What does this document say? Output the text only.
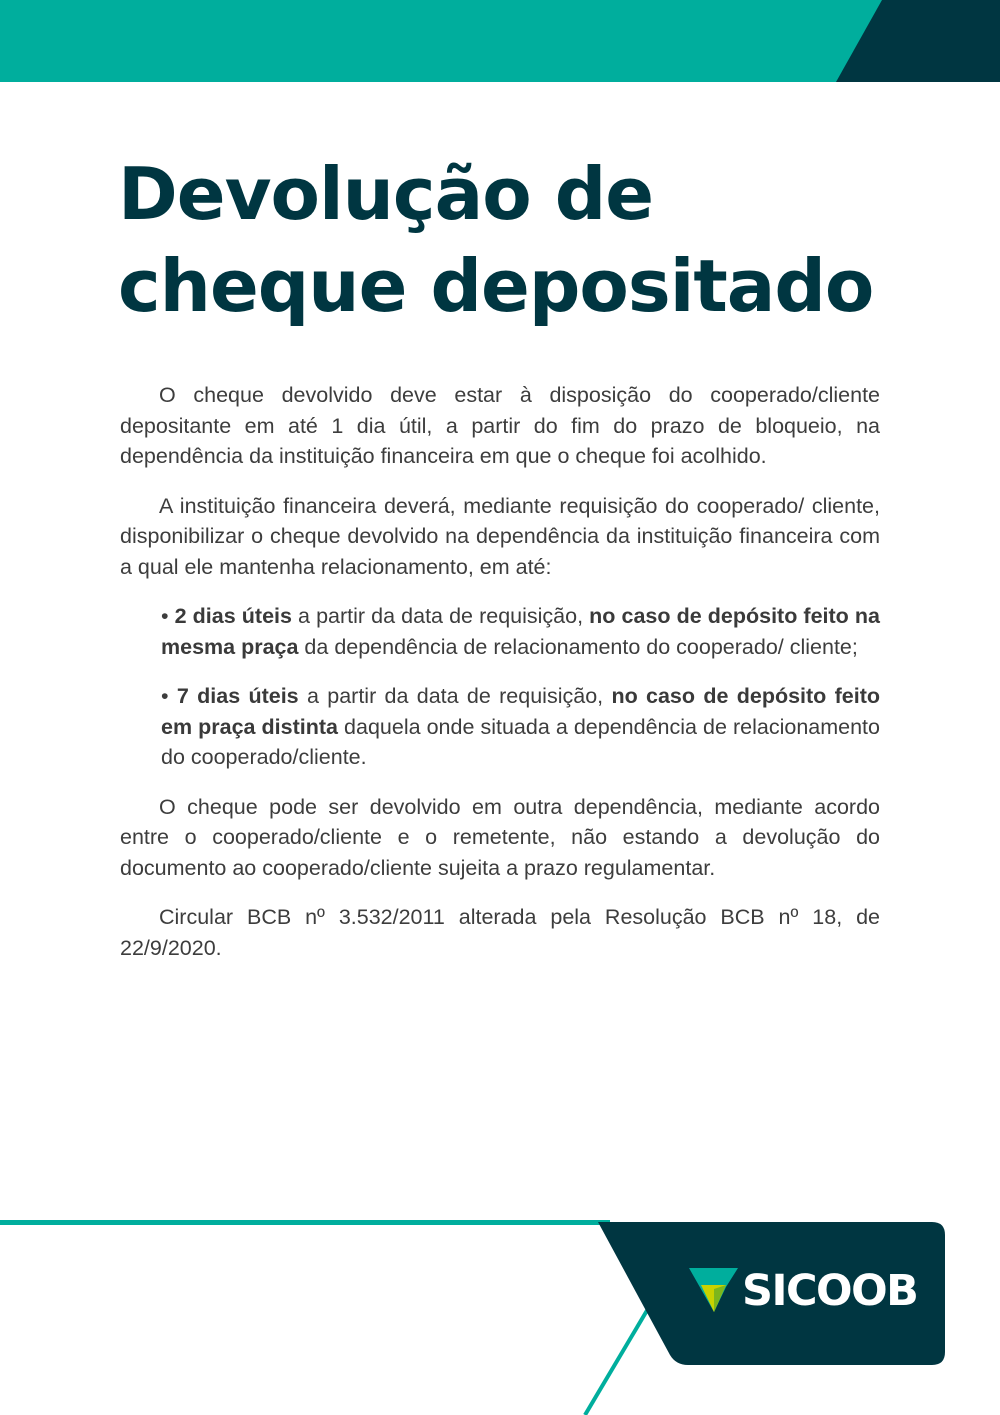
Devolução de
cheque depositado

O cheque devolvido deve estar à disposição do cooperado/cliente depositante em até 1 dia útil, a partir do fim do prazo de bloqueio, na dependência da instituição financeira em que o cheque foi acolhido.

A instituição financeira deverá, mediante requisição do cooperado/ cliente, disponibilizar o cheque devolvido na dependência da instituição financeira com a qual ele mantenha relacionamento, em até:

• 2 dias úteis a partir da data de requisição, no caso de depósito feito na mesma praça da dependência de relacionamento do cooperado/ cliente;

• 7 dias úteis a partir da data de requisição, no caso de depósito feito em praça distinta daquela onde situada a dependência de relacionamento do cooperado/cliente.

O cheque pode ser devolvido em outra dependência, mediante acordo entre o cooperado/cliente e o remetente, não estando a devolução do documento ao cooperado/cliente sujeita a prazo regulamentar.

Circular BCB nº 3.532/2011 alterada pela Resolução BCB nº 18, de 22/9/2020.

SICOOB
